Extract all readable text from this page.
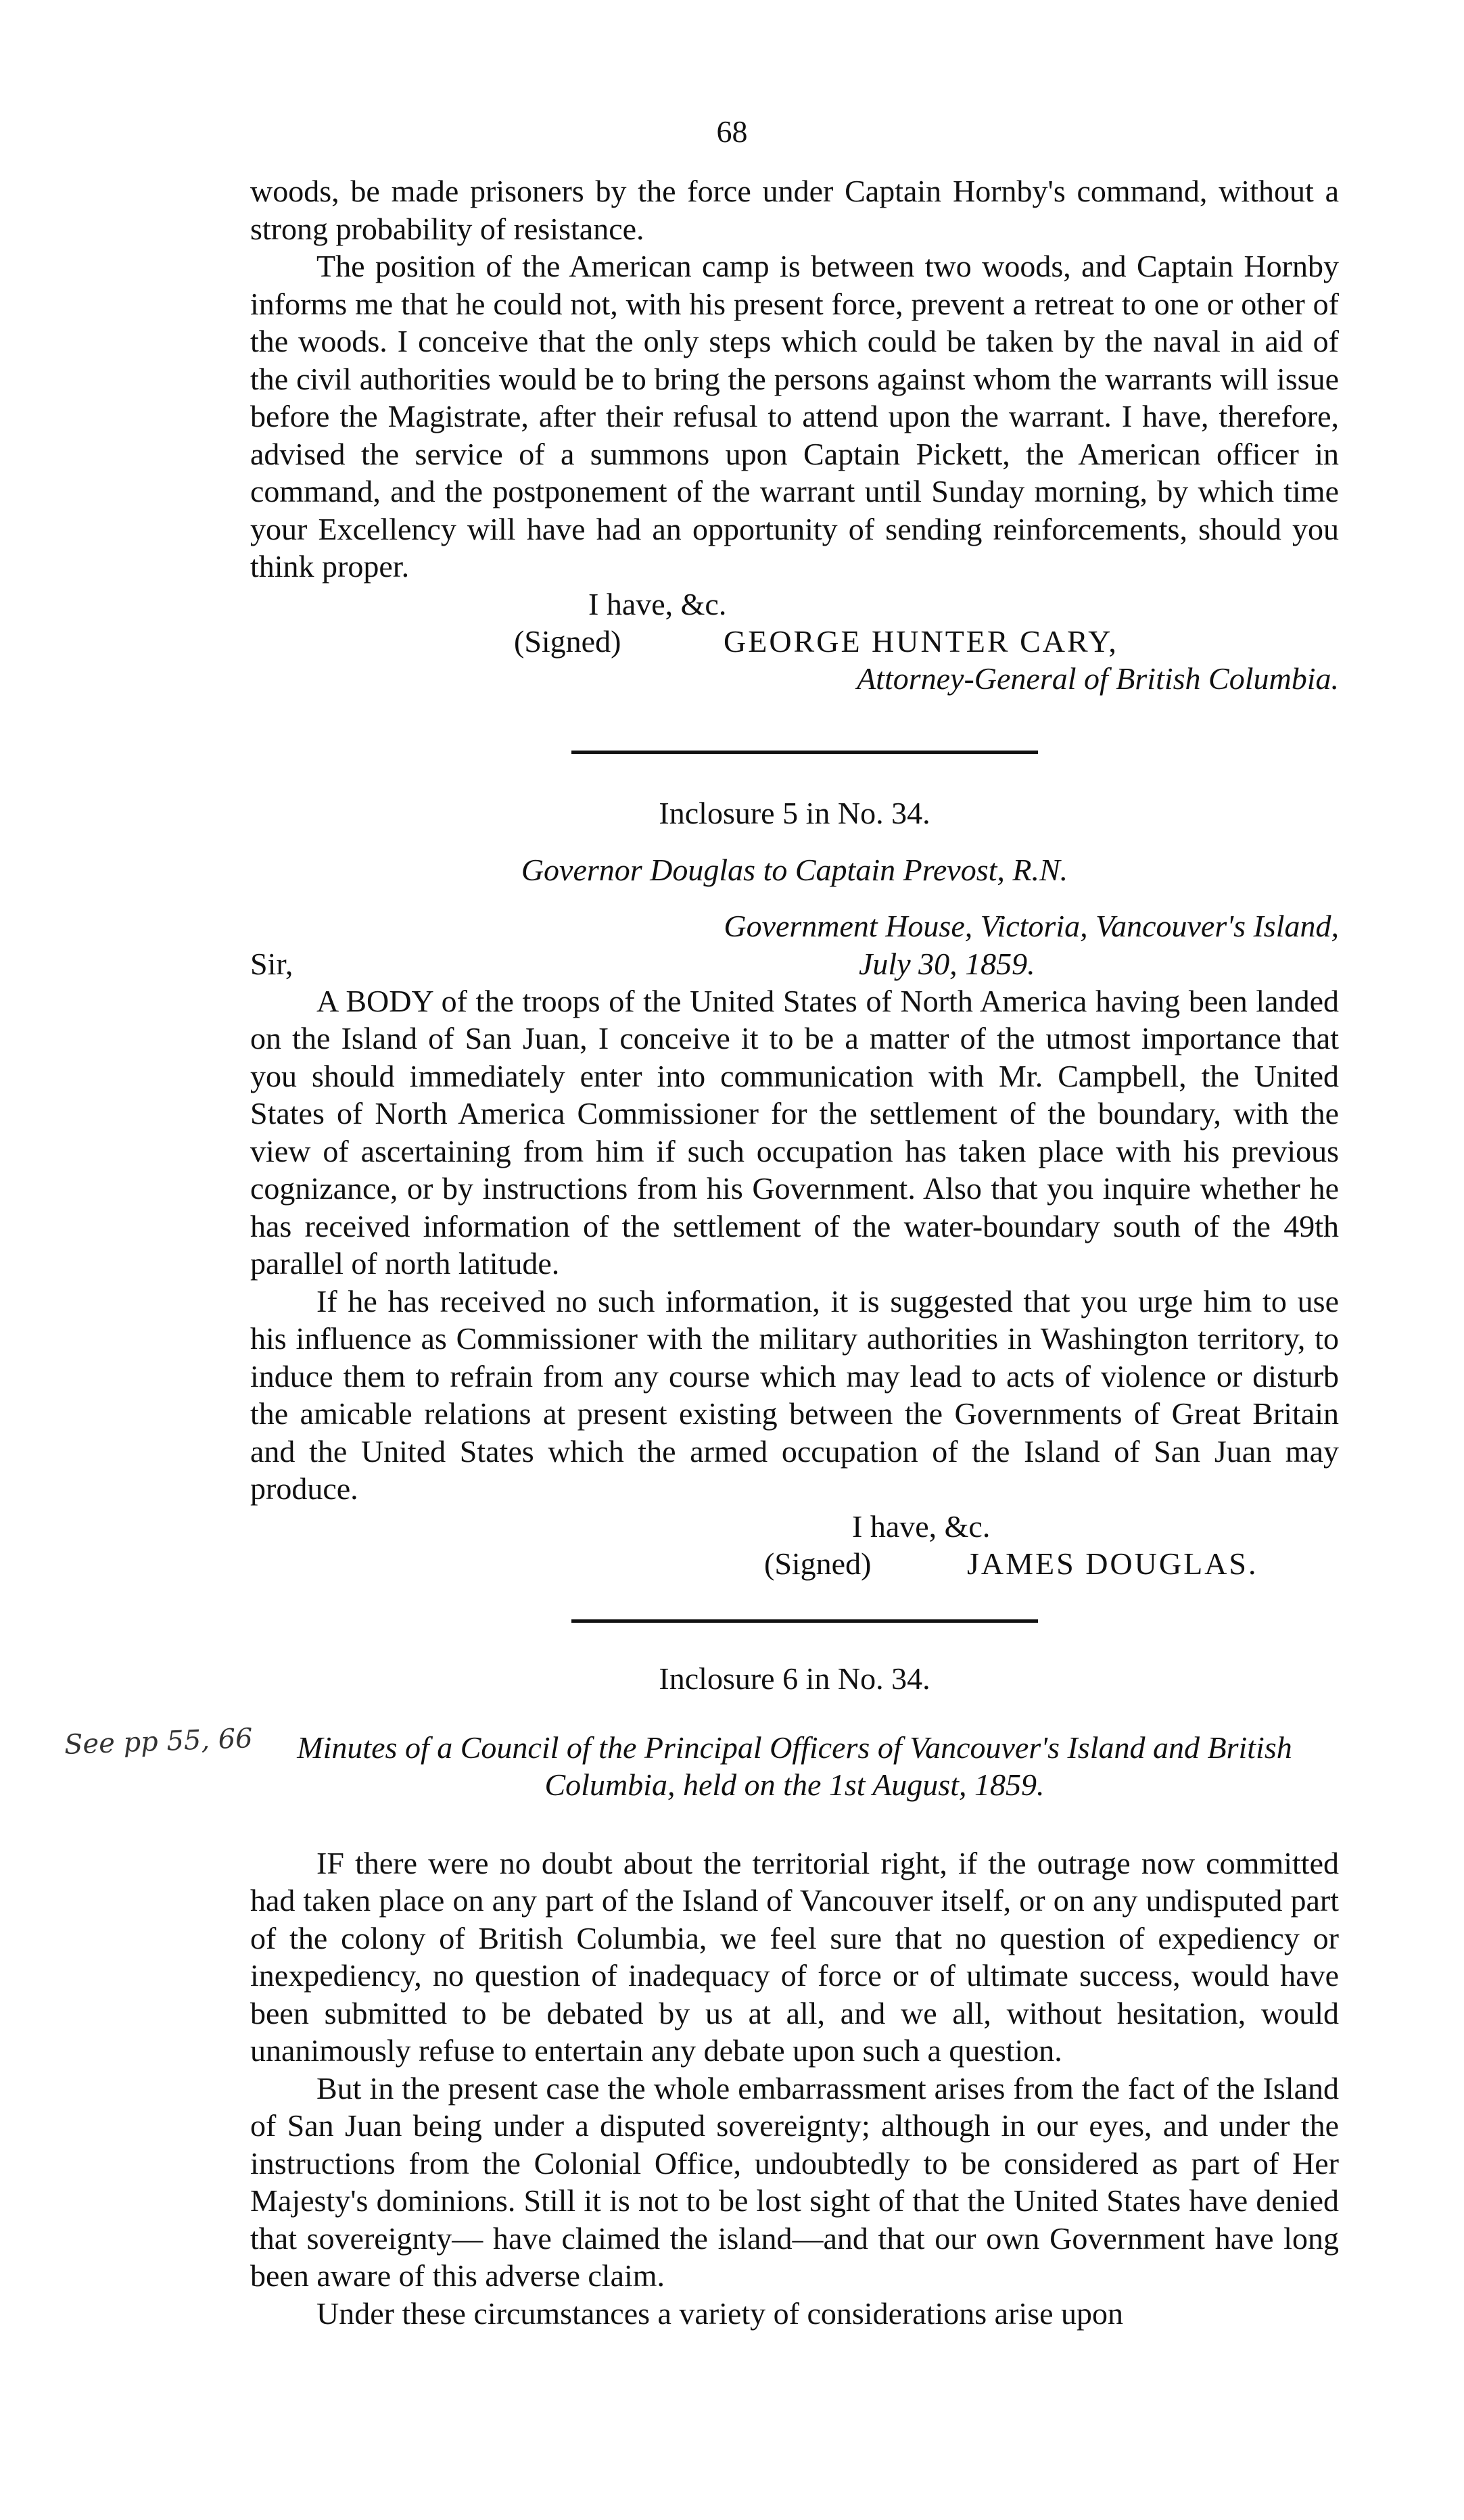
68

woods, be made prisoners by the force under Captain Hornby's command, without a strong probability of resistance.

The position of the American camp is between two woods, and Captain Hornby informs me that he could not, with his present force, prevent a retreat to one or other of the woods. I conceive that the only steps which could be taken by the naval in aid of the civil authorities would be to bring the persons against whom the warrants will issue before the Magistrate, after their refusal to attend upon the warrant. I have, therefore, advised the service of a summons upon Captain Pickett, the American officer in command, and the postponement of the warrant until Sunday morning, by which time your Excellency will have had an opportunity of sending reinforcements, should you think proper.

I have, &c.
(Signed)	GEORGE HUNTER CARY,
Attorney-General of British Columbia.
Inclosure 5 in No. 34.
Governor Douglas to Captain Prevost, R.N.
Government House, Victoria, Vancouver's Island,
Sir,	July 30, 1859.

A BODY of the troops of the United States of North America having been landed on the Island of San Juan, I conceive it to be a matter of the utmost importance that you should immediately enter into communication with Mr. Campbell, the United States of North America Commissioner for the settlement of the boundary, with the view of ascertaining from him if such occupation has taken place with his previous cognizance, or by instructions from his Government. Also that you inquire whether he has received information of the settlement of the water-boundary south of the 49th parallel of north latitude.

If he has received no such information, it is suggested that you urge him to use his influence as Commissioner with the military authorities in Washington territory, to induce them to refrain from any course which may lead to acts of violence or disturb the amicable relations at present existing between the Governments of Great Britain and the United States which the armed occupation of the Island of San Juan may produce.

I have, &c.
(Signed)	JAMES DOUGLAS.
See pp 55, 66
Inclosure 6 in No. 34.
Minutes of a Council of the Principal Officers of Vancouver's Island and British Columbia, held on the 1st August, 1859.

IF there were no doubt about the territorial right, if the outrage now committed had taken place on any part of the Island of Vancouver itself, or on any undisputed part of the colony of British Columbia, we feel sure that no question of expediency or inexpediency, no question of inadequacy of force or of ultimate success, would have been submitted to be debated by us at all, and we all, without hesitation, would unanimously refuse to entertain any debate upon such a question.

But in the present case the whole embarrassment arises from the fact of the Island of San Juan being under a disputed sovereignty; although in our eyes, and under the instructions from the Colonial Office, undoubtedly to be considered as part of Her Majesty's dominions. Still it is not to be lost sight of that the United States have denied that sovereignty— have claimed the island—and that our own Government have long been aware of this adverse claim.

Under these circumstances a variety of considerations arise upon
